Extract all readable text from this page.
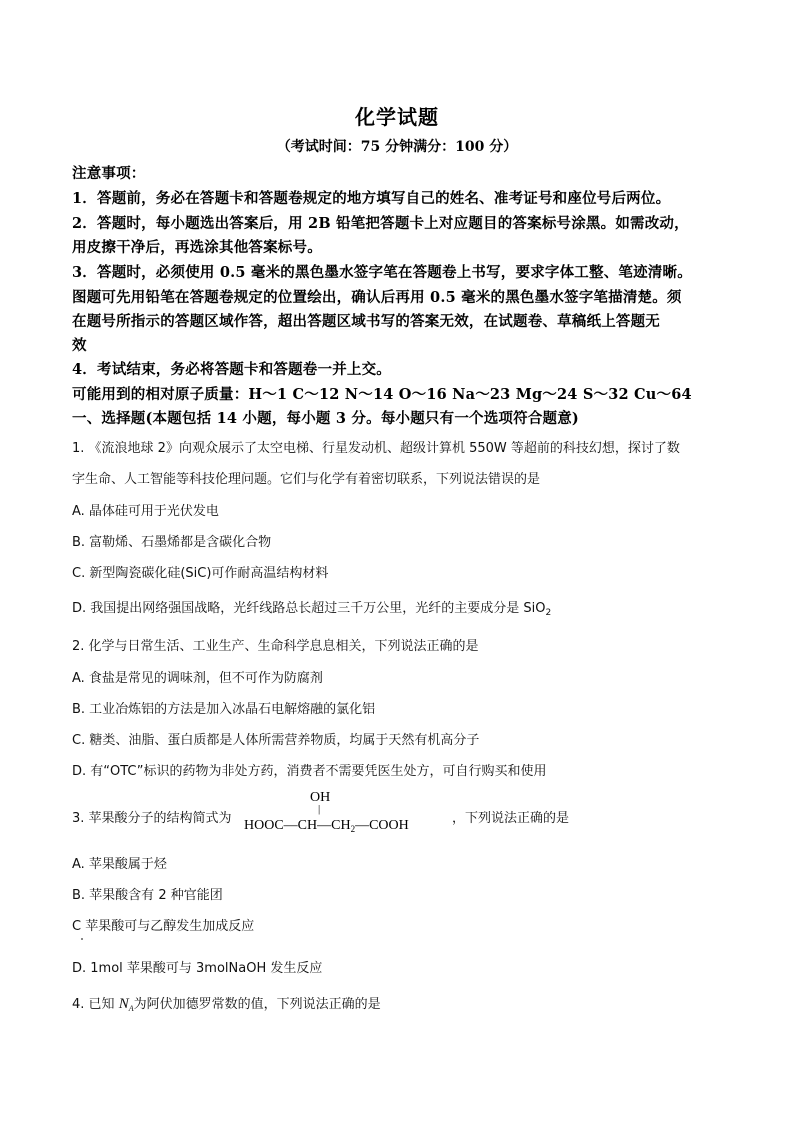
化学试题
（考试时间：75 分钟满分：100 分）
注意事项：
1．答题前，务必在答题卡和答题卷规定的地方填写自己的姓名、准考证号和座位号后两位。
2．答题时，每小题选出答案后，用 2B 铅笔把答题卡上对应题目的答案标号涂黑。如需改动，
用皮擦干净后，再选涂其他答案标号。
3．答题时，必须使用 0.5 毫米的黑色墨水签字笔在答题卷上书写，要求字体工整、笔迹清晰。
图题可先用铅笔在答题卷规定的位置绘出，确认后再用 0.5 毫米的黑色墨水签字笔描清楚。须
在题号所指示的答题区域作答，超出答题区域书写的答案无效，在试题卷、草稿纸上答题无
效
4．考试结束，务必将答题卡和答题卷一并上交。
可能用到的相对原子质量：H～1 C～12 N～14 O～16 Na～23 Mg～24 S～32 Cu～64
一、选择题(本题包括 14 小题，每小题 3 分。每小题只有一个选项符合题意)
1. 《流浪地球 2》向观众展示了太空电梯、行星发动机、超级计算机 550W 等超前的科技幻想，探讨了数
字生命、人工智能等科技伦理问题。它们与化学有着密切联系，下列说法错误的是
A. 晶体硅可用于光伏发电
B. 富勒烯、石墨烯都是含碳化合物
C. 新型陶瓷碳化硅(SiC)可作耐高温结构材料
D. 我国提出网络强国战略，光纤线路总长超过三千万公里，光纤的主要成分是 SiO$_2$
2. 化学与日常生活、工业生产、生命科学息息相关，下列说法正确的是
A. 食盐是常见的调味剂，但不可作为防腐剂
B. 工业冶炼铝的方法是加入冰晶石电解熔融的氯化铝
C. 糖类、油脂、蛋白质都是人体所需营养物质，均属于天然有机高分子
D. 有“OTC”标识的药物为非处方药，消费者不需要凭医生处方，可自行购买和使用
3. 苹果酸分子的结构简式为
OH
|
$HOOC—CH—CH_2—COOH$	，下列说法正确的是
A. 苹果酸属于烃
B. 苹果酸含有 2 种官能团
C 苹果酸可与乙醇发生加成反应
D. 1mol 苹果酸可与 3molNaOH 发生反应
4. 已知 $N_A$为阿伏加德罗常数的值，下列说法正确的是
